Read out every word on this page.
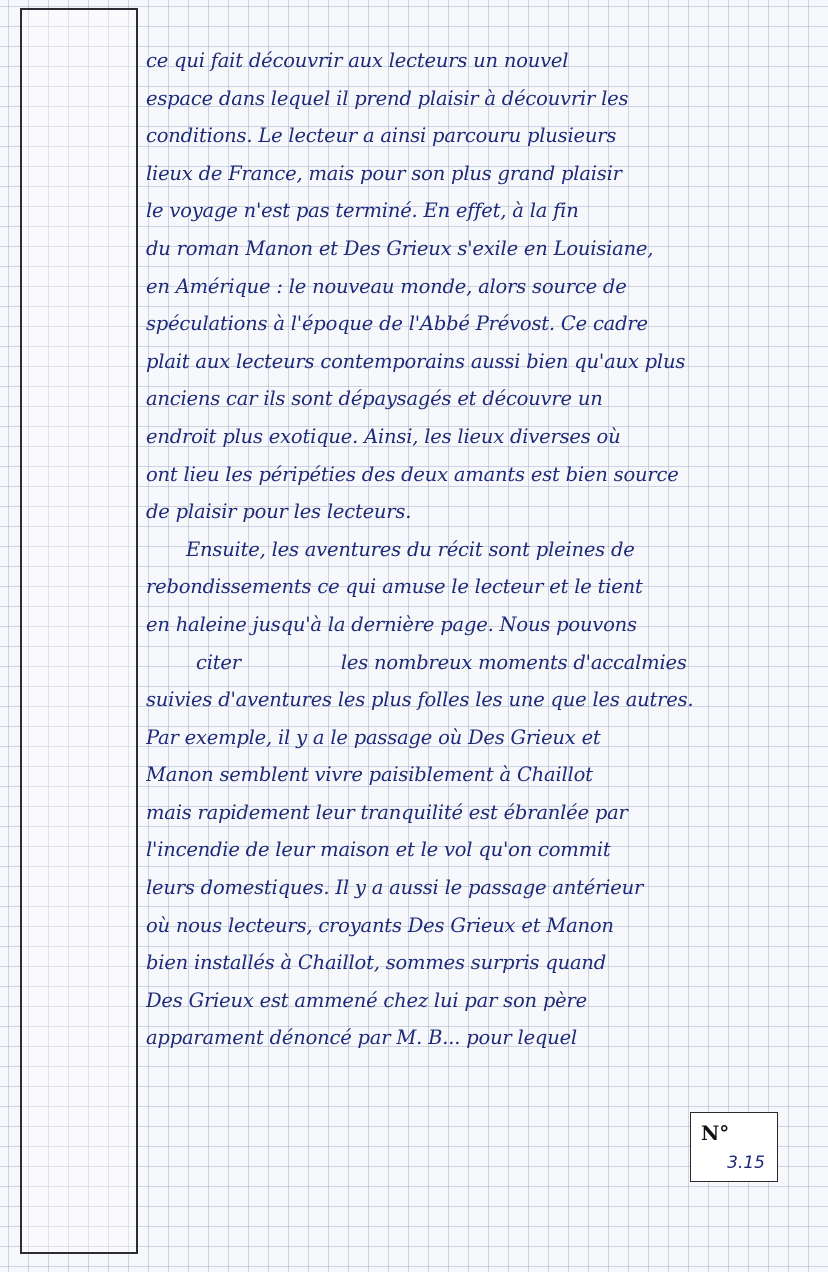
ce qui fait découvrir aux lecteurs un nouvel
espace dans lequel il prend plaisir à découvrir les
conditions. Le lecteur a ainsi parcouru plusieurs
lieux de France, mais pour son plus grand plaisir
le voyage n'est pas terminé. En effet, à la fin
du roman Manon et Des Grieux s'exile en Louisiane,
en Amérique : le nouveau monde, alors source de
spéculations à l'époque de l'Abbé Prévost. Ce cadre
plait aux lecteurs contemporains aussi bien qu'aux plus
anciens car ils sont dépaysagés et découvre un
endroit plus exotique. Ainsi, les lieux diverses où
ont lieu les péripéties des deux amants est bien source
de plaisir pour les lecteurs.
Ensuite, les aventures du récit sont pleines de
rebondissements ce qui amuse le lecteur et le tient
en haleine jusqu'à la dernière page. Nous pouvons
citer	les nombreux moments d'accalmies
suivies d'aventures les plus folles les une que les autres.
Par exemple, il y a le passage où Des Grieux et
Manon semblent vivre paisiblement à Chaillot
mais rapidement leur tranquilité est ébranlée par
l'incendie de leur maison et le vol qu'on commit
leurs domestiques. Il y a aussi le passage antérieur
où nous lecteurs, croyants Des Grieux et Manon
bien installés à Chaillot, sommes surpris quand
Des Grieux est ammené chez lui par son père
apparament dénoncé par M. B... pour lequel
N°
3.15
